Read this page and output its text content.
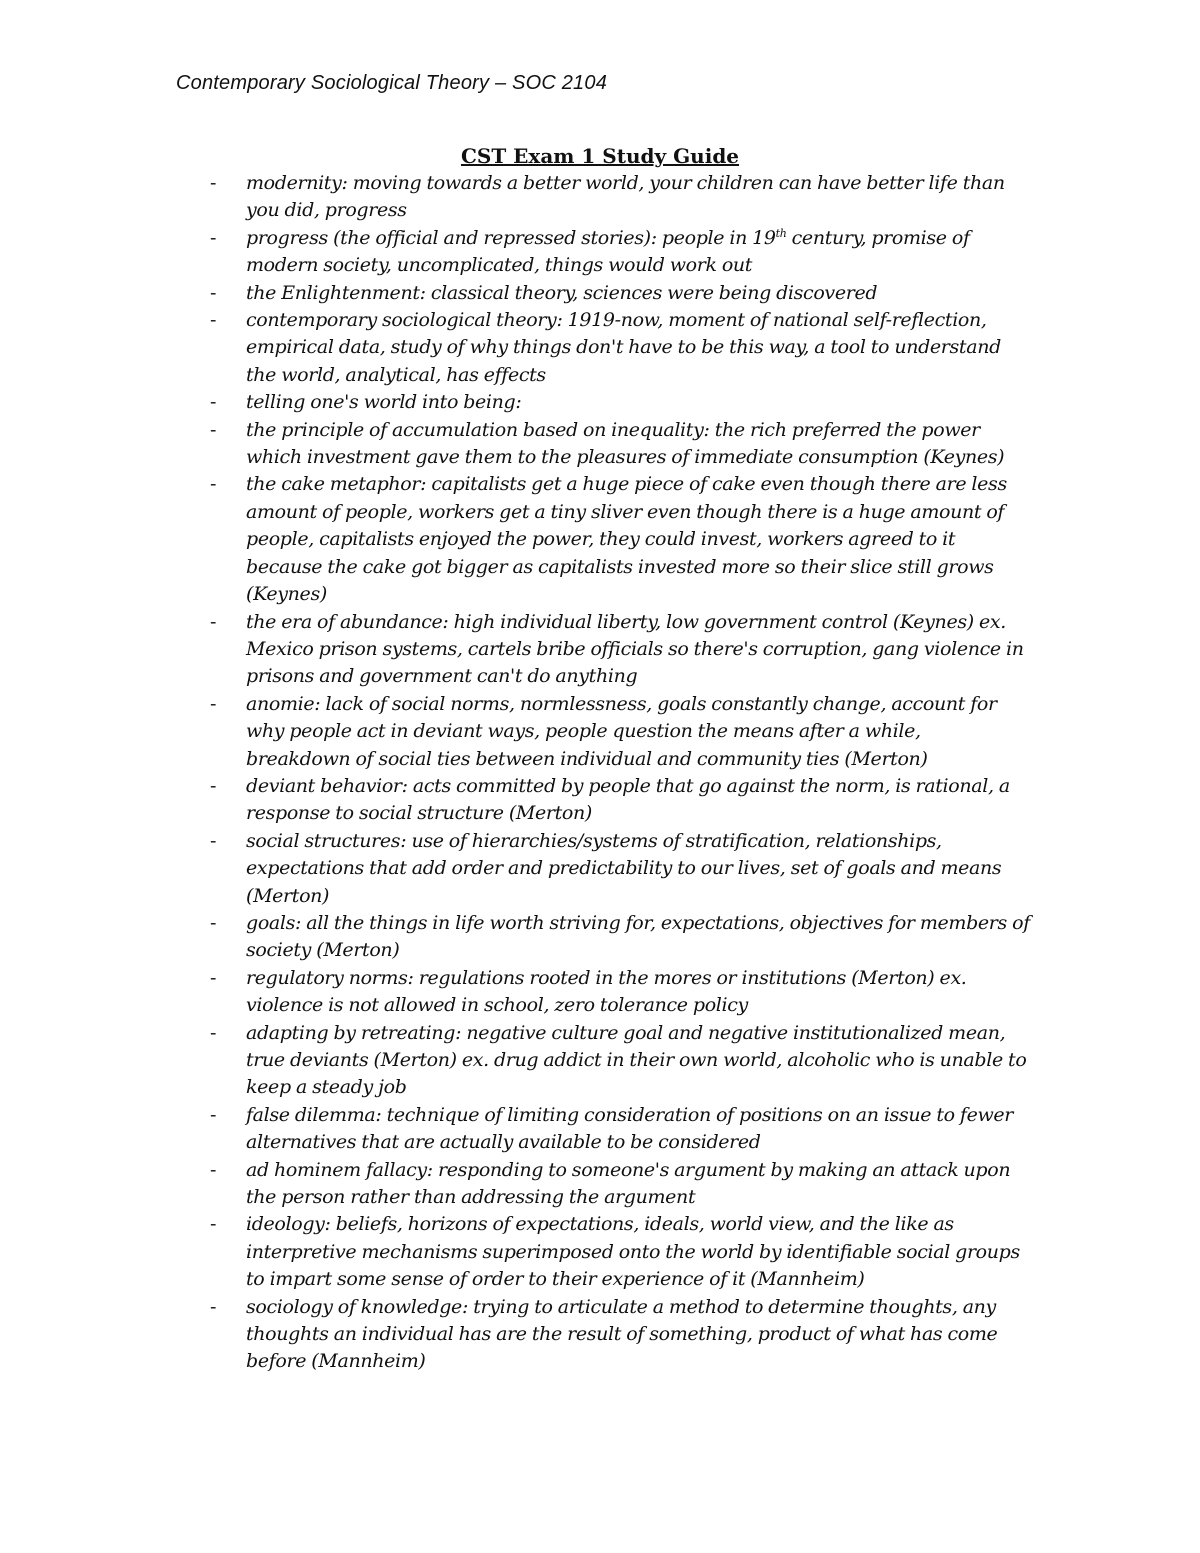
Contemporary Sociological Theory – SOC 2104
CST Exam 1 Study Guide
- modernity: moving towards a better world, your children can have better life than you did, progress
- progress (the official and repressed stories): people in 19th century, promise of modern society, uncomplicated, things would work out
- the Enlightenment: classical theory, sciences were being discovered
- contemporary sociological theory: 1919-now, moment of national self-reflection, empirical data, study of why things don't have to be this way, a tool to understand the world, analytical, has effects
- telling one's world into being:
- the principle of accumulation based on inequality: the rich preferred the power which investment gave them to the pleasures of immediate consumption (Keynes)
- the cake metaphor: capitalists get a huge piece of cake even though there are less amount of people, workers get a tiny sliver even though there is a huge amount of people, capitalists enjoyed the power, they could invest, workers agreed to it because the cake got bigger as capitalists invested more so their slice still grows (Keynes)
- the era of abundance: high individual liberty, low government control (Keynes) ex. Mexico prison systems, cartels bribe officials so there's corruption, gang violence in prisons and government can't do anything
- anomie: lack of social norms, normlessness, goals constantly change, account for why people act in deviant ways, people question the means after a while, breakdown of social ties between individual and community ties (Merton)
- deviant behavior: acts committed by people that go against the norm, is rational, a response to social structure (Merton)
- social structures: use of hierarchies/systems of stratification, relationships, expectations that add order and predictability to our lives, set of goals and means (Merton)
- goals: all the things in life worth striving for, expectations, objectives for members of society (Merton)
- regulatory norms: regulations rooted in the mores or institutions (Merton) ex. violence is not allowed in school, zero tolerance policy
- adapting by retreating: negative culture goal and negative institutionalized mean, true deviants (Merton) ex. drug addict in their own world, alcoholic who is unable to keep a steady job
- false dilemma: technique of limiting consideration of positions on an issue to fewer alternatives that are actually available to be considered
- ad hominem fallacy: responding to someone's argument by making an attack upon the person rather than addressing the argument
- ideology: beliefs, horizons of expectations, ideals, world view, and the like as interpretive mechanisms superimposed onto the world by identifiable social groups to impart some sense of order to their experience of it (Mannheim)
- sociology of knowledge: trying to articulate a method to determine thoughts, any thoughts an individual has are the result of something, product of what has come before (Mannheim)
